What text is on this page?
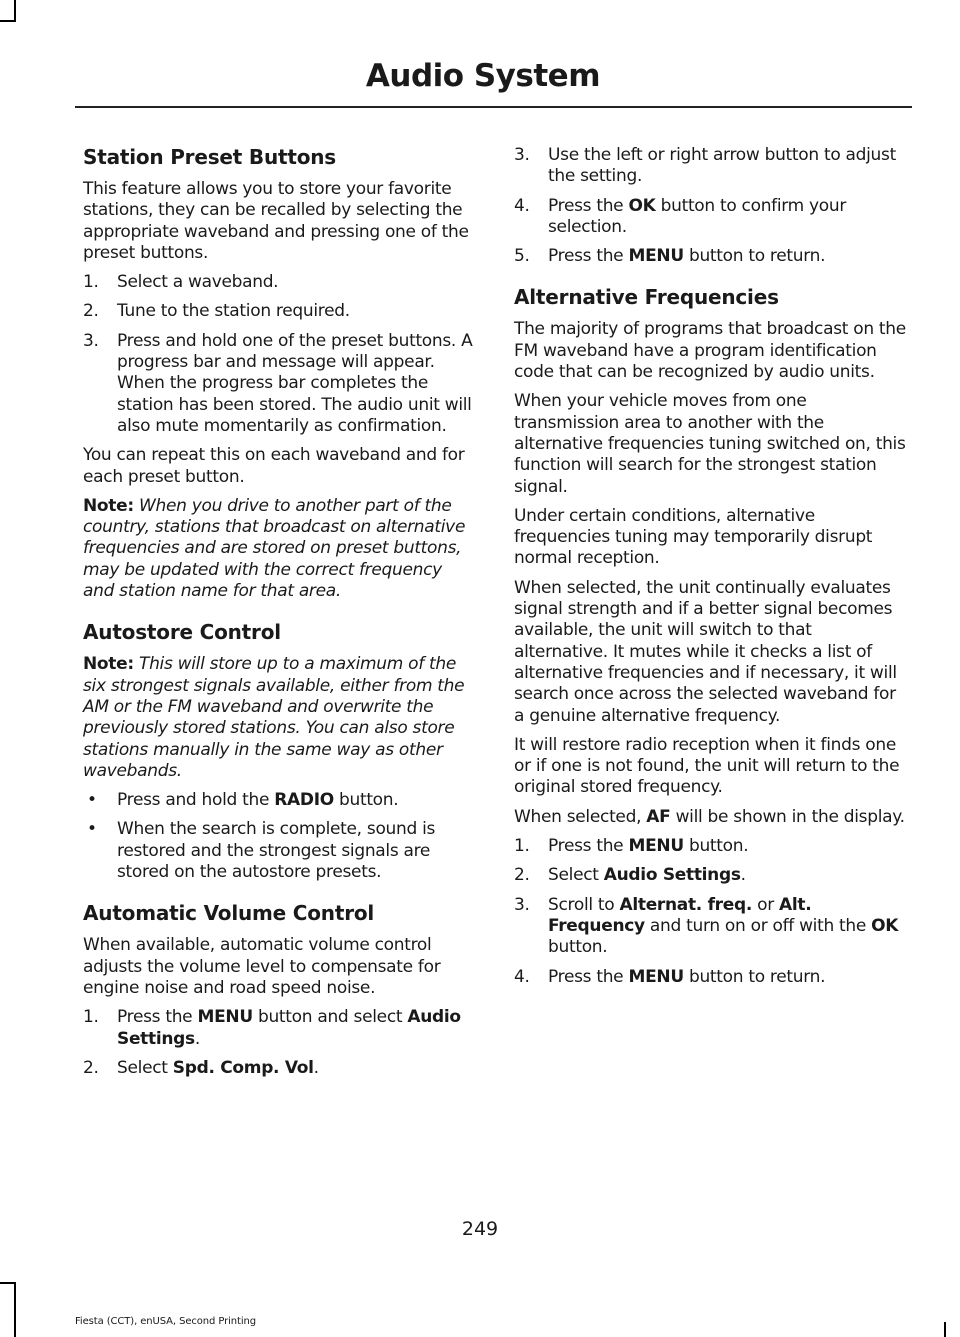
Audio System
Station Preset Buttons

This feature allows you to store your favorite stations, they can be recalled by selecting the appropriate waveband and pressing one of the preset buttons.

1. Select a waveband.
2. Tune to the station required.
3. Press and hold one of the preset buttons. A progress bar and message will appear. When the progress bar completes the station has been stored. The audio unit will also mute momentarily as confirmation.

You can repeat this on each waveband and for each preset button.

Note: When you drive to another part of the country, stations that broadcast on alternative frequencies and are stored on preset buttons, may be updated with the correct frequency and station name for that area.

Autostore Control

Note: This will store up to a maximum of the six strongest signals available, either from the AM or the FM waveband and overwrite the previously stored stations. You can also store stations manually in the same way as other wavebands.

• Press and hold the RADIO button.
• When the search is complete, sound is restored and the strongest signals are stored on the autostore presets.
Automatic Volume Control

When available, automatic volume control adjusts the volume level to compensate for engine noise and road speed noise.

1. Press the MENU button and select Audio Settings.
2. Select Spd. Comp. Vol.
3. Use the left or right arrow button to adjust the setting.
4. Press the OK button to confirm your selection.
5. Press the MENU button to return.
Alternative Frequencies

The majority of programs that broadcast on the FM waveband have a program identification code that can be recognized by audio units.

When your vehicle moves from one transmission area to another with the alternative frequencies tuning switched on, this function will search for the strongest station signal.

Under certain conditions, alternative frequencies tuning may temporarily disrupt normal reception.

When selected, the unit continually evaluates signal strength and if a better signal becomes available, the unit will switch to that alternative. It mutes while it checks a list of alternative frequencies and if necessary, it will search once across the selected waveband for a genuine alternative frequency.

It will restore radio reception when it finds one or if one is not found, the unit will return to the original stored frequency.

When selected, AF will be shown in the display.

1. Press the MENU button.
2. Select Audio Settings.
3. Scroll to Alternat. freq. or Alt. Frequency and turn on or off with the OK button.
4. Press the MENU button to return.
249
Fiesta (CCT), enUSA, Second Printing
